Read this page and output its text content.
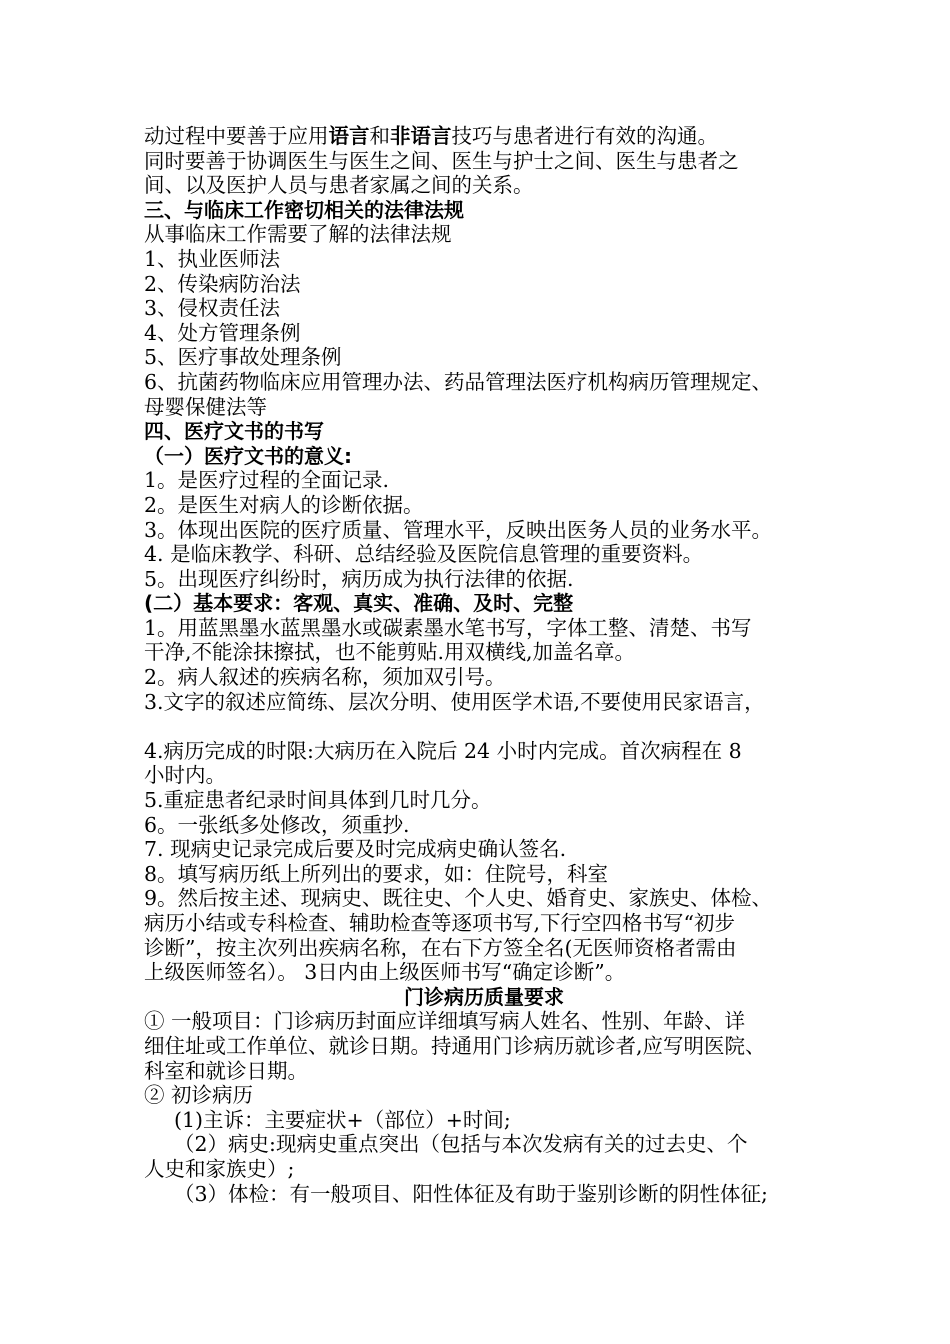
动过程中要善于应用语言和非语言技巧与患者进行有效的沟通。
同时要善于协调医生与医生之间、医生与护士之间、医生与患者之
间、以及医护人员与患者家属之间的关系。
三、与临床工作密切相关的法律法规
从事临床工作需要了解的法律法规
1、执业医师法
2、传染病防治法
3、侵权责任法
4、处方管理条例
5、医疗事故处理条例
6、抗菌药物临床应用管理办法、药品管理法医疗机构病历管理规定、
母婴保健法等
四、医疗文书的书写
（一）医疗文书的意义:
1。是医疗过程的全面记录.
2。是医生对病人的诊断依据。
3。体现出医院的医疗质量、管理水平，反映出医务人员的业务水平。
4. 是临床教学、科研、总结经验及医院信息管理的重要资料。
5。出现医疗纠纷时，病历成为执行法律的依据.
(二）基本要求：客观、真实、准确、及时、完整
1。用蓝黑墨水蓝黑墨水或碳素墨水笔书写，字体工整、清楚、书写
干净,不能涂抹擦拭，也不能剪贴.用双横线,加盖名章。
2。病人叙述的疾病名称，须加双引号。
3.文字的叙述应简练、层次分明、使用医学术语,不要使用民家语言，
4.病历完成的时限:大病历在入院后 24 小时内完成。首次病程在 8
小时内。
5.重症患者纪录时间具体到几时几分。
6。一张纸多处修改，须重抄.
7. 现病史记录完成后要及时完成病史确认签名.
8。填写病历纸上所列出的要求，如：住院号，科室
9。然后按主述、现病史、既往史、个人史、婚育史、家族史、体检、
病历小结或专科检查、辅助检查等逐项书写,下行空四格书写“初步
诊断”，按主次列出疾病名称，在右下方签全名(无医师资格者需由
上级医师签名）。 3日内由上级医师书写“确定诊断”。
门诊病历质量要求
① 一般项目：门诊病历封面应详细填写病人姓名、性别、年龄、详
细住址或工作单位、就诊日期。持通用门诊病历就诊者,应写明医院、
科室和就诊日期。
② 初诊病历
(1)主诉：主要症状+（部位）+时间;
（2）病史:现病史重点突出（包括与本次发病有关的过去史、个
人史和家族史）;
（3）体检：有一般项目、阳性体征及有助于鉴别诊断的阴性体征;
